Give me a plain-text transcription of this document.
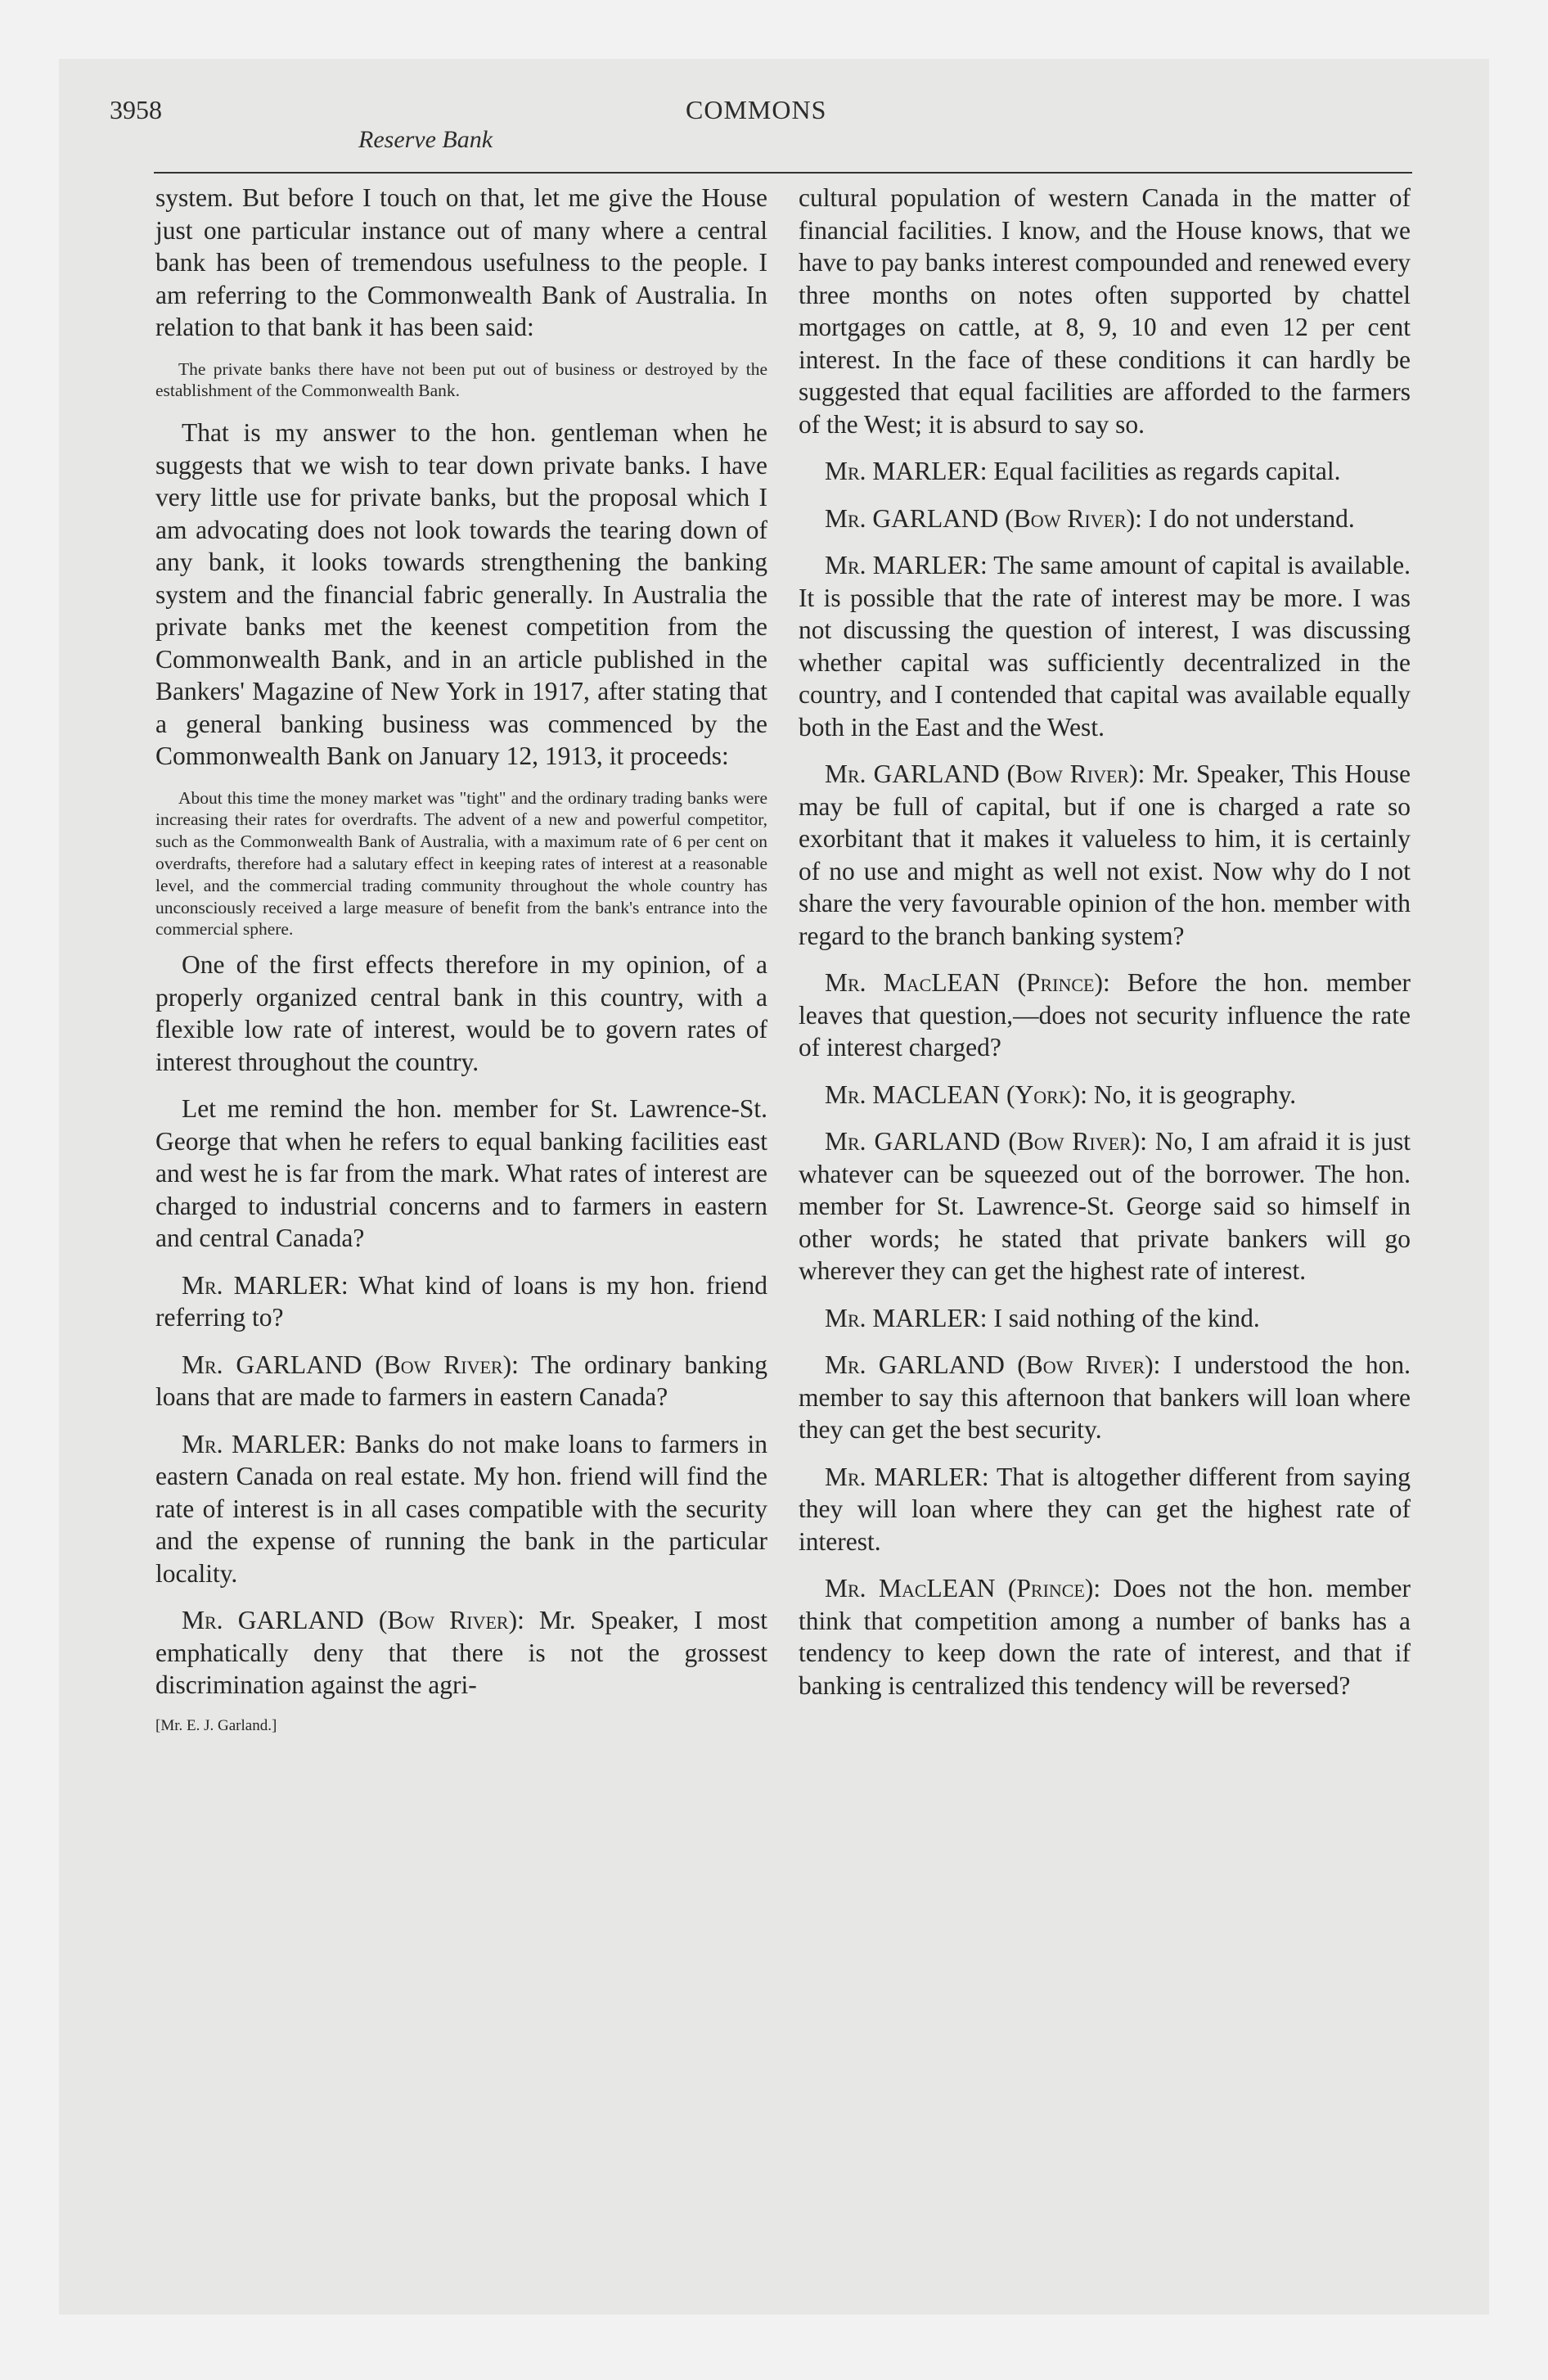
3958	COMMONS
Reserve Bank

system. But before I touch on that, let me give the House just one particular instance out of many where a central bank has been of tremendous usefulness to the people. I am referring to the Commonwealth Bank of Australia. In relation to that bank it has been said:

The private banks there have not been put out of business or destroyed by the establishment of the Commonwealth Bank.

That is my answer to the hon. gentleman when he suggests that we wish to tear down private banks. I have very little use for private banks, but the proposal which I am advocating does not look towards the tearing down of any bank, it looks towards strengthening the banking system and the financial fabric generally. In Australia the private banks met the keenest competition from the Commonwealth Bank, and in an article published in the Bankers' Magazine of New York in 1917, after stating that a general banking business was commenced by the Commonwealth Bank on January 12, 1913, it proceeds:

About this time the money market was "tight" and the ordinary trading banks were increasing their rates for overdrafts. The advent of a new and powerful competitor, such as the Commonwealth Bank of Australia, with a maximum rate of 6 per cent on overdrafts, therefore had a salutary effect in keeping rates of interest at a reasonable level, and the commercial trading community throughout the whole country has unconsciously received a large measure of benefit from the bank's entrance into the commercial sphere.

One of the first effects therefore in my opinion, of a properly organized central bank in this country, with a flexible low rate of interest, would be to govern rates of interest throughout the country.

Let me remind the hon. member for St. Lawrence-St. George that when he refers to equal banking facilities east and west he is far from the mark. What rates of interest are charged to industrial concerns and to farmers in eastern and central Canada?

Mr. MARLER: What kind of loans is my hon. friend referring to?

Mr. GARLAND (Bow River): The ordinary banking loans that are made to farmers in eastern Canada?

Mr. MARLER: Banks do not make loans to farmers in eastern Canada on real estate. My hon. friend will find the rate of interest is in all cases compatible with the security and the expense of running the bank in the particular locality.

Mr. GARLAND (Bow River): Mr. Speaker, I most emphatically deny that there is not the grossest discrimination against the agri-

[Mr. E. J. Garland.]

cultural population of western Canada in the matter of financial facilities. I know, and the House knows, that we have to pay banks interest compounded and renewed every three months on notes often supported by chattel mortgages on cattle, at 8, 9, 10 and even 12 per cent interest. In the face of these conditions it can hardly be suggested that equal facilities are afforded to the farmers of the West; it is absurd to say so.

Mr. MARLER: Equal facilities as regards capital.

Mr. GARLAND (Bow River): I do not understand.

Mr. MARLER: The same amount of capital is available. It is possible that the rate of interest may be more. I was not discussing the question of interest, I was discussing whether capital was sufficiently decentralized in the country, and I contended that capital was available equally both in the East and the West.

Mr. GARLAND (Bow River): Mr. Speaker, This House may be full of capital, but if one is charged a rate so exorbitant that it makes it valueless to him, it is certainly of no use and might as well not exist. Now why do I not share the very favourable opinion of the hon. member with regard to the branch banking system?

Mr. MacLEAN (Prince): Before the hon. member leaves that question,—does not security influence the rate of interest charged?

Mr. MACLEAN (York): No, it is geography.

Mr. GARLAND (Bow River): No, I am afraid it is just whatever can be squeezed out of the borrower. The hon. member for St. Lawrence-St. George said so himself in other words; he stated that private bankers will go wherever they can get the highest rate of interest.

Mr. MARLER: I said nothing of the kind.

Mr. GARLAND (Bow River): I understood the hon. member to say this afternoon that bankers will loan where they can get the best security.

Mr. MARLER: That is altogether different from saying they will loan where they can get the highest rate of interest.

Mr. MacLEAN (Prince): Does not the hon. member think that competition among a number of banks has a tendency to keep down the rate of interest, and that if banking is centralized this tendency will be reversed?
